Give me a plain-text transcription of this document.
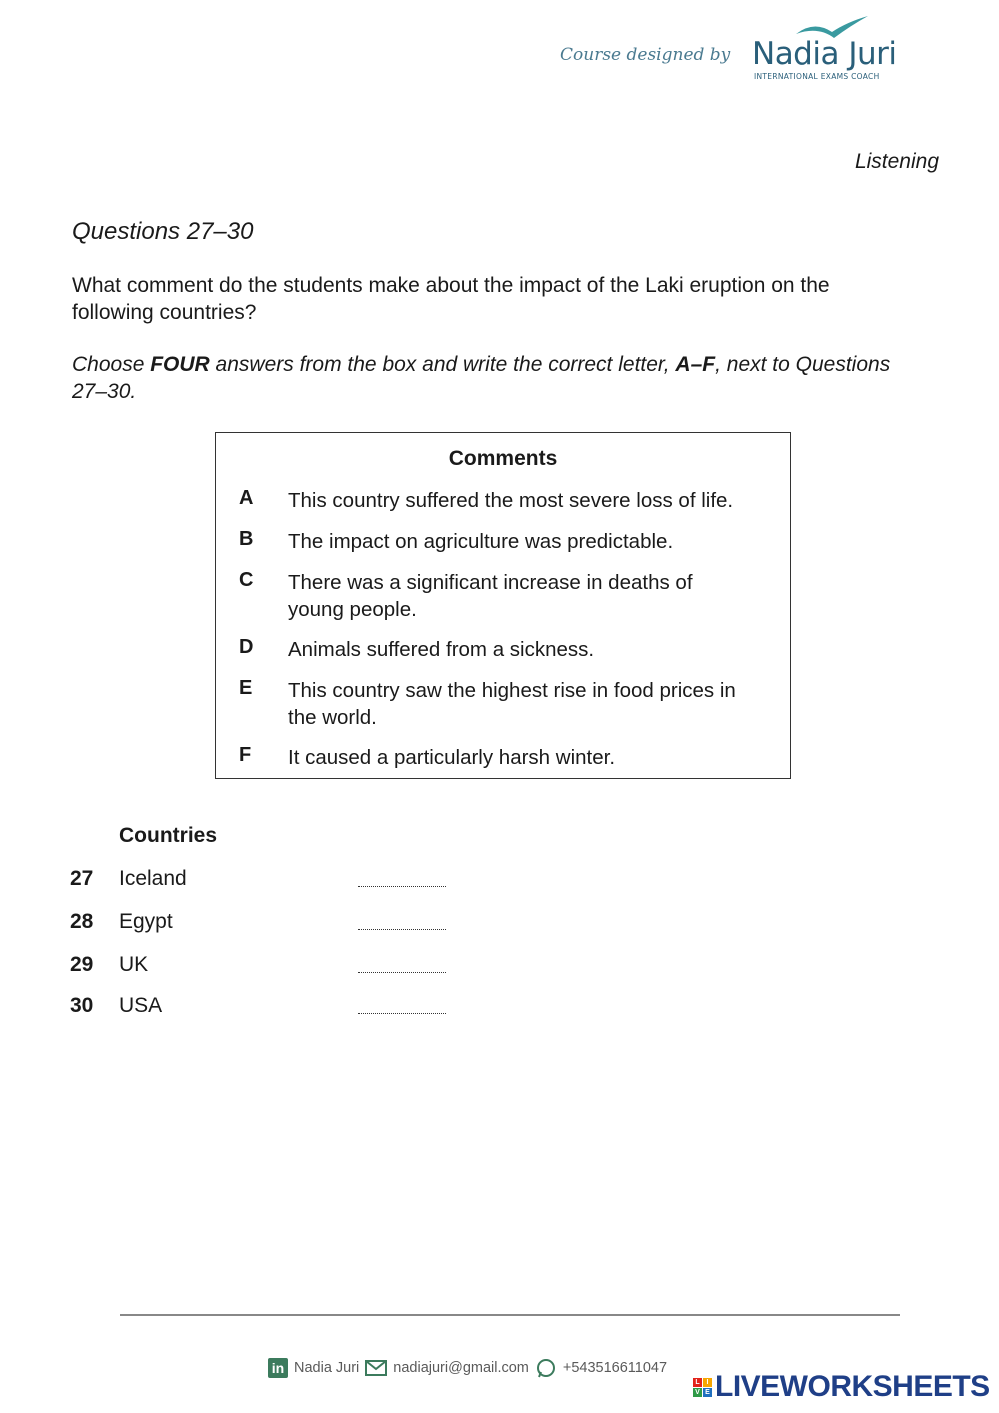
Course designed by Nadia Juri
INTERNATIONAL EXAMS COACH
Listening
Questions 27–30
What comment do the students make about the impact of the Laki eruption on the following countries?
Choose FOUR answers from the box and write the correct letter, A–F, next to Questions 27–30.
Comments
A This country suffered the most severe loss of life.
B The impact on agriculture was predictable.
C There was a significant increase in deaths of young people.
D Animals suffered from a sickness.
E This country saw the highest rise in food prices in the world.
F It caused a particularly harsh winter.
Countries
27 Iceland
28 Egypt
29 UK
30 USA
in Nadia Juri nadiajuri@gmail.com +543516611047
L I
V E LIVEWORKSHEETS
